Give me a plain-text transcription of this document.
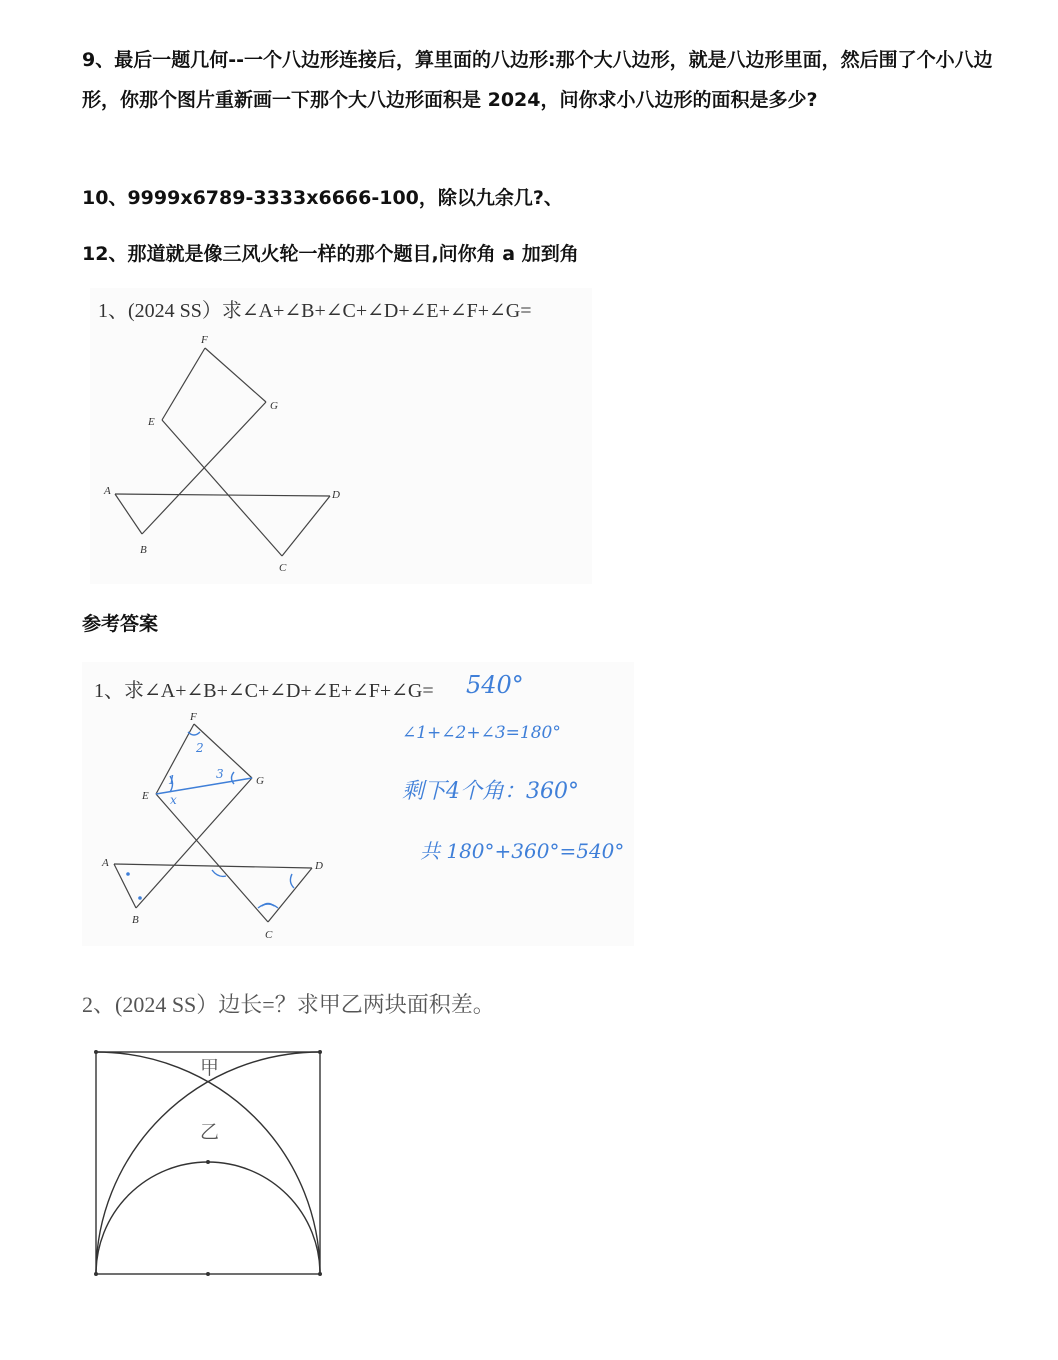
9、最后一题几何--一个八边形连接后，算里面的八边形:那个大八边形，就是八边形里面，然后围了个小八边形，你那个图片重新画一下那个大八边形面积是 2024，问你求小八边形的面积是多少?

10、9999x6789-3333x6666-100，除以九余几?、

12、那道就是像三风火轮一样的那个题目,问你角 a 加到角

1、(2024 SS）求∠A+∠B+∠C+∠D+∠E+∠F+∠G=
A
B
C
D
E
F
G
参考答案
1、求∠A+∠B+∠C+∠D+∠E+∠F+∠G=
1
2
3
x
A
B
C
D
E
F
G
540°
∠1+∠2+∠3=180°
剩下4个角：360°
共 180°+360°=540°
2、(2024 SS）边长=？求甲乙两块面积差。
甲
乙
